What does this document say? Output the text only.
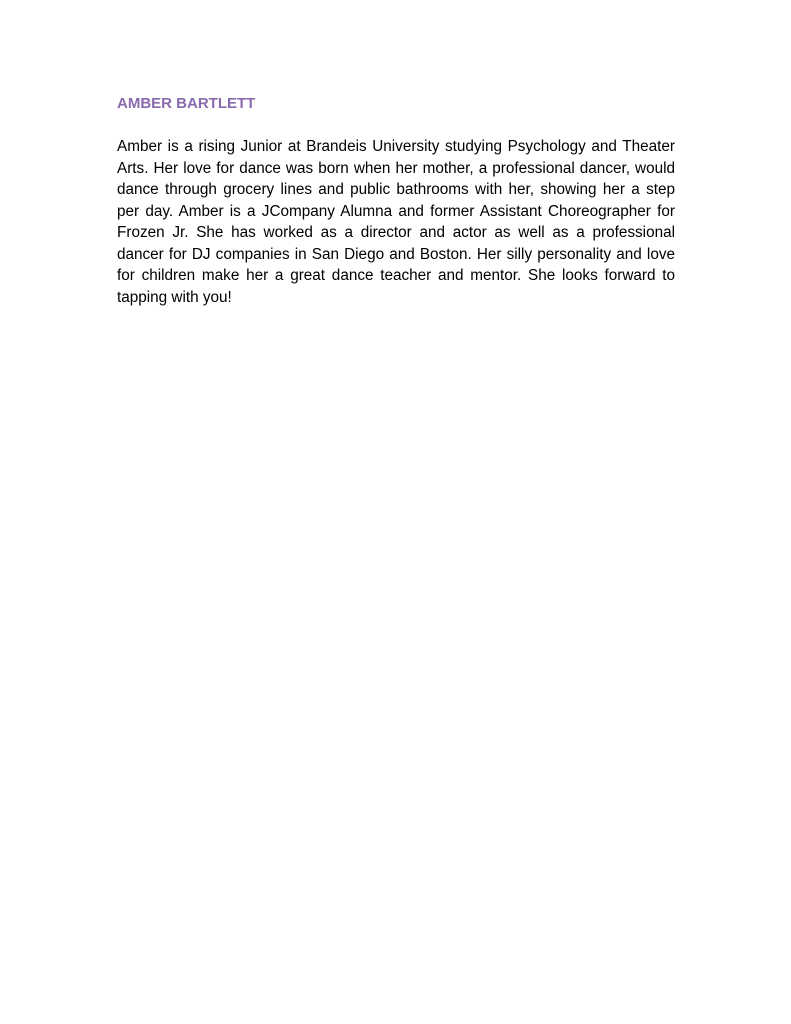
AMBER BARTLETT

Amber is a rising Junior at Brandeis University studying Psychology and Theater Arts. Her love for dance was born when her mother, a professional dancer, would dance through grocery lines and public bathrooms with her, showing her a step per day. Amber is a JCompany Alumna and former Assistant Choreographer for Frozen Jr. She has worked as a director and actor as well as a professional dancer for DJ companies in San Diego and Boston. Her silly personality and love for children make her a great dance teacher and mentor. She looks forward to tapping with you!
